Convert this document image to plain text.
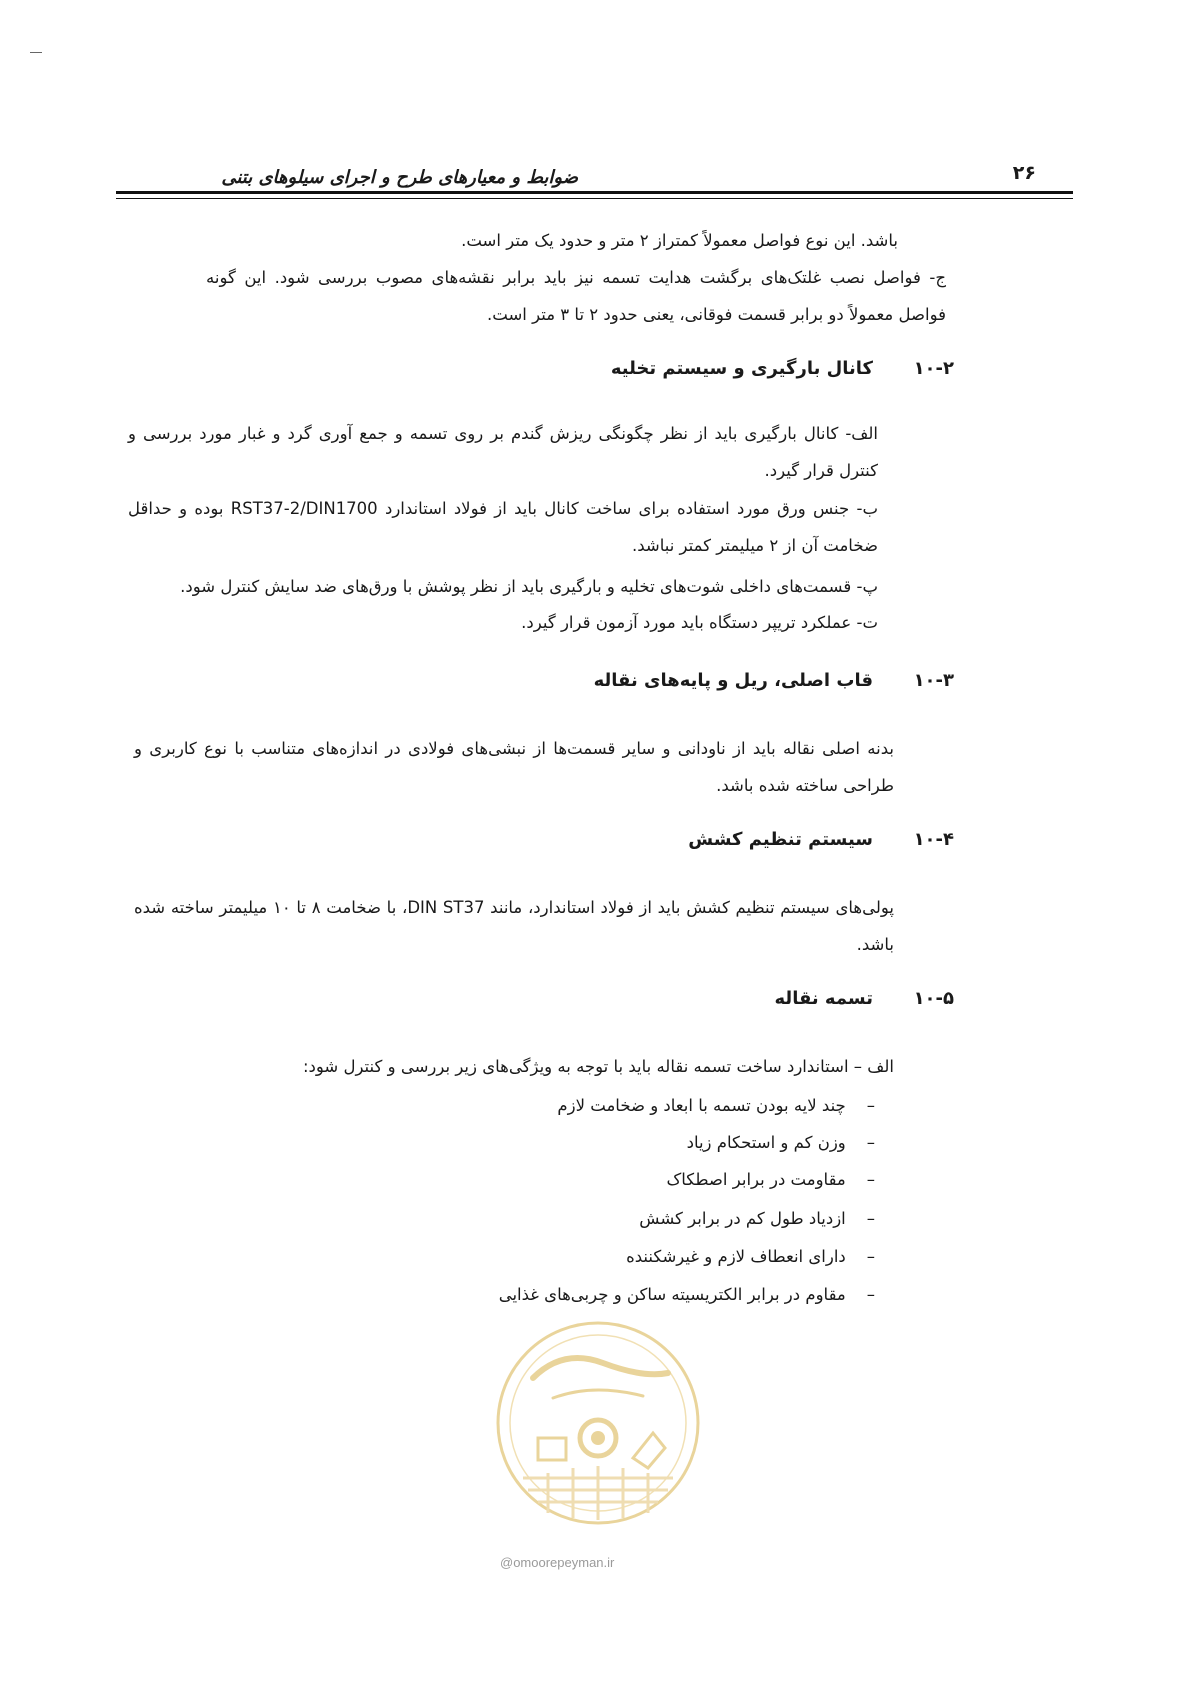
۲۶
ضوابط و معیارهای طرح و اجرای سیلوهای بتنی
باشد. این نوع فواصل معمولاً کمتراز ۲ متر و حدود یک متر است.
ج- فواصل نصب غلتک‌های برگشت هدایت تسمه نیز باید برابر نقشه‌های مصوب بررسی شود. این گونه فواصل معمولاً دو برابر قسمت فوقانی، یعنی حدود ۲ تا ۳ متر است.
۱۰-۲
کانال بارگیری و سیستم تخلیه
الف- کانال بارگیری باید از نظر چگونگی ریزش گندم بر روی تسمه و جمع آوری گرد و غبار مورد بررسی و کنترل قرار گیرد.
ب- جنس ورق مورد استفاده برای ساخت کانال باید از فولاد استاندارد RST37-2/DIN1700 بوده و حداقل ضخامت آن از ۲ میلیمتر کمتر نباشد.
پ- قسمت‌های داخلی شوت‌های تخلیه و بارگیری باید از نظر پوشش با ورق‌های ضد سایش کنترل شود.
ت- عملکرد تریپر دستگاه باید مورد آزمون قرار گیرد.
۱۰-۳
قاب اصلی، ریل و پایه‌های نقاله
بدنه اصلی نقاله باید از ناودانی و سایر قسمت‌ها از نبشی‌های فولادی در اندازه‌های متناسب با نوع کاربری و طراحی ساخته شده باشد.
۱۰-۴
سیستم تنظیم کشش
پولی‌های سیستم تنظیم کشش باید از فولاد استاندارد، مانند DIN ST37، با ضخامت ۸ تا ۱۰ میلیمتر ساخته شده باشد.
۱۰-۵
تسمه نقاله
الف – استاندارد ساخت تسمه نقاله باید با توجه به ویژگی‌های زیر بررسی و کنترل شود:
–    چند لایه بودن تسمه با ابعاد و ضخامت لازم
–    وزن کم و استحکام زیاد
–    مقاومت در برابر اصطکاک
–    ازدیاد طول کم در برابر کشش
–    دارای انعطاف لازم و غیرشکننده
–    مقاوم در برابر الکتریسیته ساکن و چربی‌های غذایی
@omoorepeyman.ir
